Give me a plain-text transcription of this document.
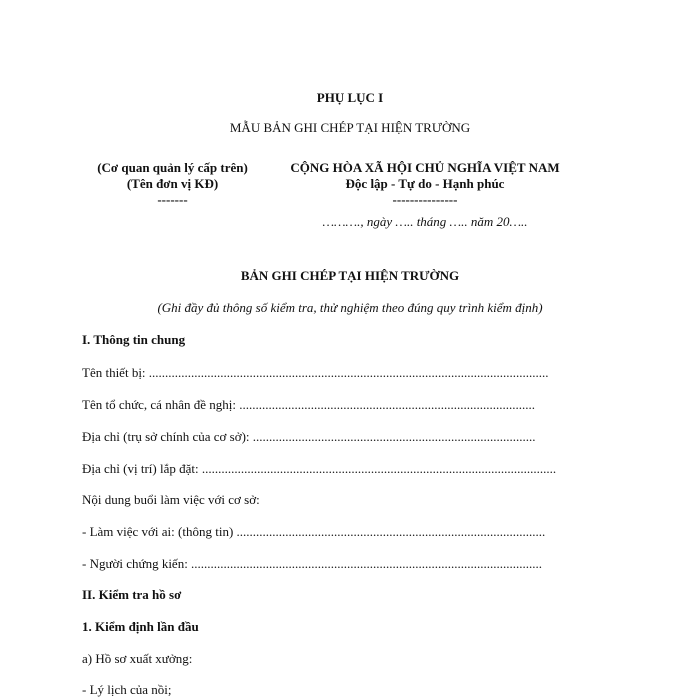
PHỤ LỤC I
MẪU BẢN GHI CHÉP TẠI HIỆN TRƯỜNG
(Cơ quan quản lý cấp trên)
(Tên đơn vị KĐ)
-------
CỘNG HÒA XÃ HỘI CHỦ NGHĨA VIỆT NAM
Độc lập - Tự do - Hạnh phúc
---------------
………., ngày ….. tháng ….. năm 20…..
BẢN GHI CHÉP TẠI HIỆN TRƯỜNG
(Ghi đầy đủ thông số kiểm tra, thử nghiệm theo đúng quy trình kiểm định)
I. Thông tin chung
Tên thiết bị: ...........................................................................................................................
Tên tổ chức, cá nhân đề nghị: ...........................................................................................
Địa chỉ (trụ sở chính của cơ sở): .......................................................................................
Địa chỉ (vị trí) lắp đặt: .............................................................................................................
Nội dung buổi làm việc với cơ sở:
- Làm việc với ai: (thông tin) ...............................................................................................
- Người chứng kiến: ............................................................................................................
II. Kiểm tra hồ sơ
1. Kiểm định lần đầu
a) Hồ sơ xuất xưởng:
- Lý lịch của nồi;
